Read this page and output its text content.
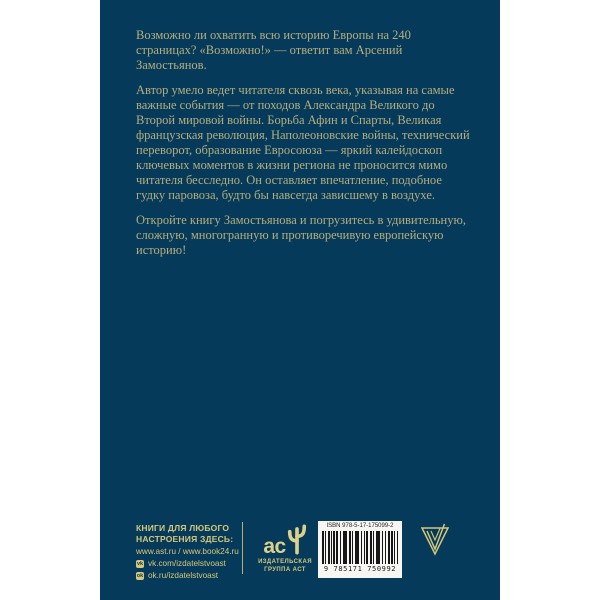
Возможно ли охватить всю историю Европы на 240 страницах? «Возможно!» — ответит вам Арсений Замостьянов.

Автор умело ведет читателя сквозь века, указывая на самые важные события — от походов Александра Великого до Второй мировой войны. Борьба Афин и Спарты, Великая французская революция, Наполеоновские войны, технический переворот, образование Евросоюза — яркий калейдоскоп ключевых моментов в жизни региона не проносится мимо читателя бесследно. Он оставляет впечатление, подобное гудку паровоза, будто бы навсегда зависшему в воздухе.

Откройте книгу Замостьянова и погрузитесь в удивительную, сложную, многогранную и противоречивую европейскую историю!

КНИГИ ДЛЯ ЛЮБОГО НАСТРОЕНИЯ ЗДЕСЬ:
www.ast.ru / www.book24.ru
vk vk.com/izdatelstvoast
ok ok.ru/izdatelstvoast
ас
ИЗДАТЕЛЬСКАЯ ГРУППА АСТ
ISBN 978-5-17-175099-2
9 785171 750992
